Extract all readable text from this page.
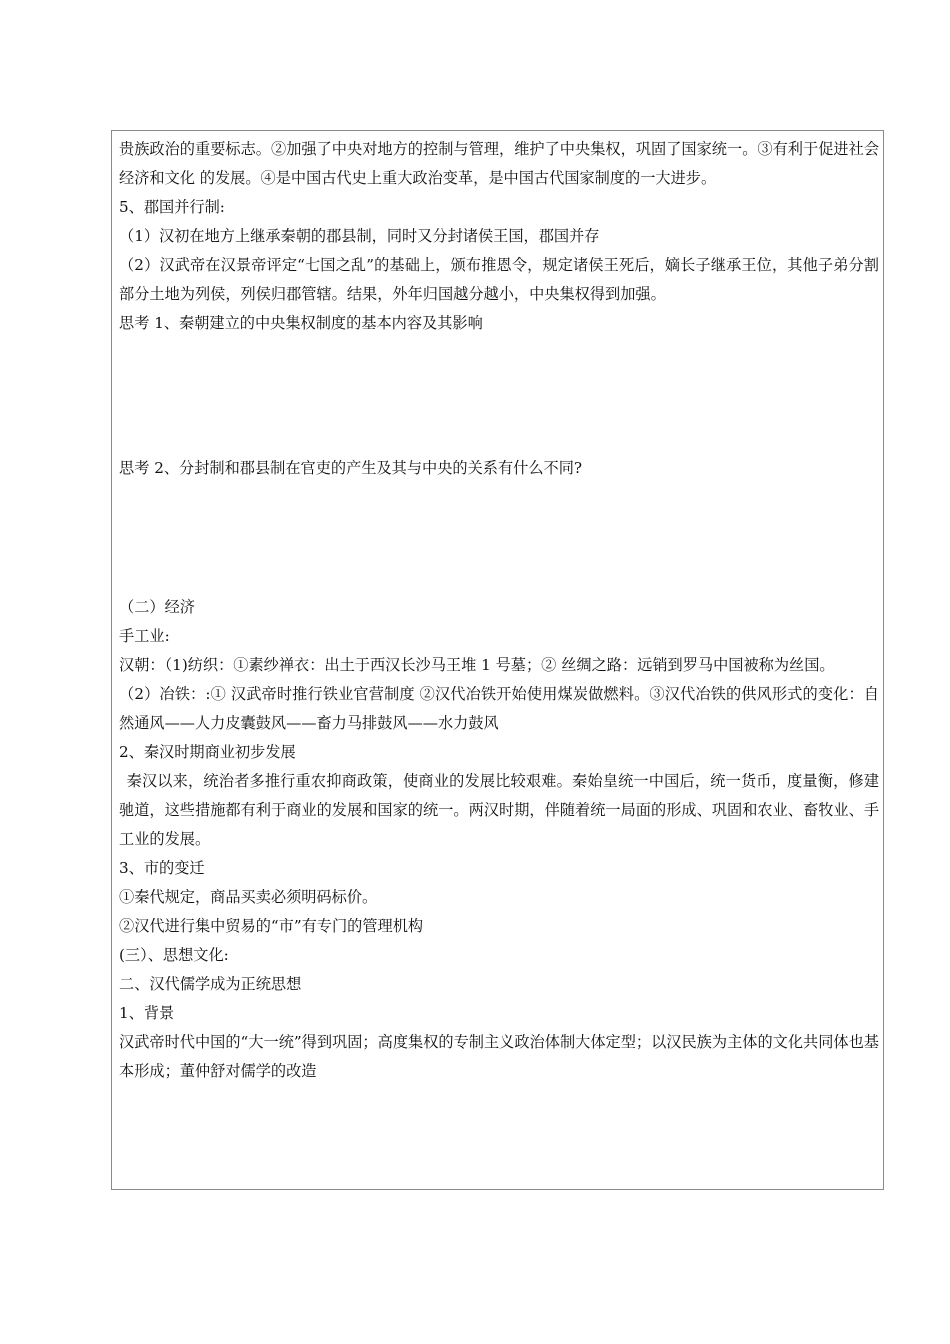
贵族政治的重要标志。②加强了中央对地方的控制与管理，维护了中央集权，巩固了国家统一。③有利于促进社会经济和文化 的发展。④是中国古代史上重大政治变革，是中国古代国家制度的一大进步。

5、郡国并行制:

（1）汉初在地方上继承秦朝的郡县制，同时又分封诸侯王国，郡国并存

（2）汉武帝在汉景帝评定“七国之乱”的基础上，颁布推恩令，规定诸侯王死后，嫡长子继承王位，其他子弟分割部分土地为列侯，列侯归郡管辖。结果，外年归国越分越小，中央集权得到加强。

思考 1、秦朝建立的中央集权制度的基本内容及其影响

思考 2、分封制和郡县制在官吏的产生及其与中央的关系有什么不同?

（二）经济

手工业:

汉朝：（1)纺织：①素纱禅衣：出土于西汉长沙马王堆 1 号墓；② 丝绸之路：远销到罗马中国被称为丝国。

（2）冶铁：:① 汉武帝时推行铁业官营制度 ②汉代冶铁开始使用煤炭做燃料。③汉代冶铁的供风形式的变化：自然通风——人力皮囊鼓风——畜力马排鼓风——水力鼓风

2、秦汉时期商业初步发展

秦汉以来，统治者多推行重农抑商政策，使商业的发展比较艰难。秦始皇统一中国后，统一货币，度量衡，修建驰道，这些措施都有利于商业的发展和国家的统一。两汉时期，伴随着统一局面的形成、巩固和农业、畜牧业、手工业的发展。

3、市的变迁

①秦代规定，商品买卖必须明码标价。

②汉代进行集中贸易的“市”有专门的管理机构

(三）、思想文化:

二、汉代儒学成为正统思想

1、背景

汉武帝时代中国的“大一统”得到巩固；高度集权的专制主义政治体制大体定型；以汉民族为主体的文化共同体也基本形成；董仲舒对儒学的改造
